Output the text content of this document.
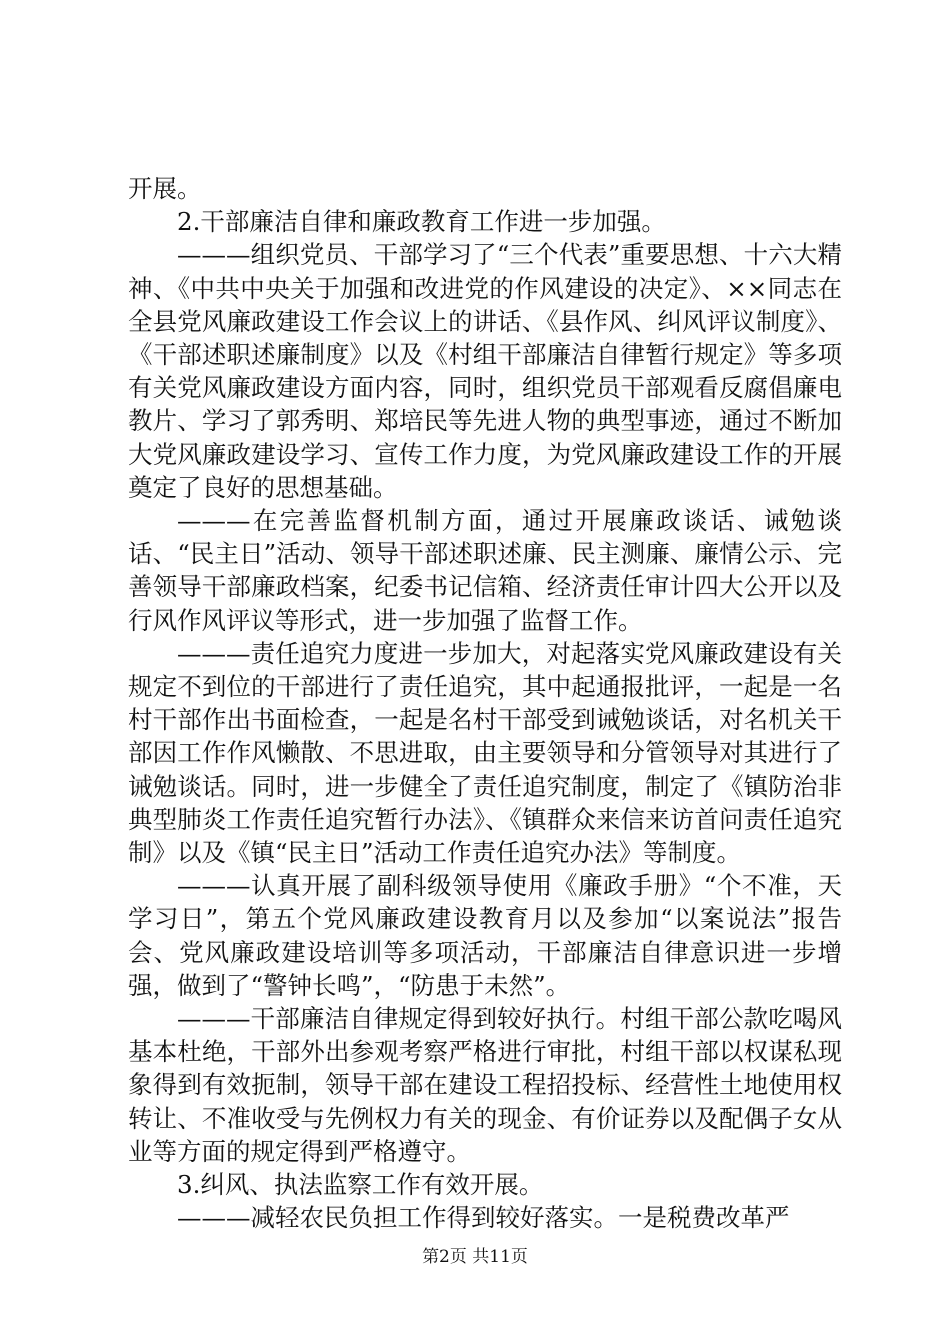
开展。

2.干部廉洁自律和廉政教育工作进一步加强。

———组织党员、干部学习了“三个代表”重要思想、十六大精神、《中共中央关于加强和改进党的作风建设的决定》、××同志在全县党风廉政建设工作会议上的讲话、《县作风、纠风评议制度》、《干部述职述廉制度》以及《村组干部廉洁自律暂行规定》等多项有关党风廉政建设方面内容，同时，组织党员干部观看反腐倡廉电教片、学习了郭秀明、郑培民等先进人物的典型事迹，通过不断加大党风廉政建设学习、宣传工作力度，为党风廉政建设工作的开展奠定了良好的思想基础。

———在完善监督机制方面，通过开展廉政谈话、诫勉谈话、“民主日”活动、领导干部述职述廉、民主测廉、廉情公示、完善领导干部廉政档案，纪委书记信箱、经济责任审计四大公开以及行风作风评议等形式，进一步加强了监督工作。

———责任追究力度进一步加大，对起落实党风廉政建设有关规定不到位的干部进行了责任追究，其中起通报批评，一起是一名村干部作出书面检查，一起是名村干部受到诫勉谈话，对名机关干部因工作作风懒散、不思进取，由主要领导和分管领导对其进行了诫勉谈话。同时，进一步健全了责任追究制度，制定了《镇防治非典型肺炎工作责任追究暂行办法》、《镇群众来信来访首问责任追究制》以及《镇“民主日”活动工作责任追究办法》等制度。

———认真开展了副科级领导使用《廉政手册》“个不准，天学习日”，第五个党风廉政建设教育月以及参加“以案说法”报告会、党风廉政建设培训等多项活动，干部廉洁自律意识进一步增强，做到了“警钟长鸣”，“防患于未然”。

———干部廉洁自律规定得到较好执行。村组干部公款吃喝风基本杜绝，干部外出参观考察严格进行审批，村组干部以权谋私现象得到有效扼制，领导干部在建设工程招投标、经营性土地使用权转让、不准收受与先例权力有关的现金、有价证券以及配偶子女从业等方面的规定得到严格遵守。

3.纠风、执法监察工作有效开展。

———减轻农民负担工作得到较好落实。一是税费改革严

第2页 共11页
